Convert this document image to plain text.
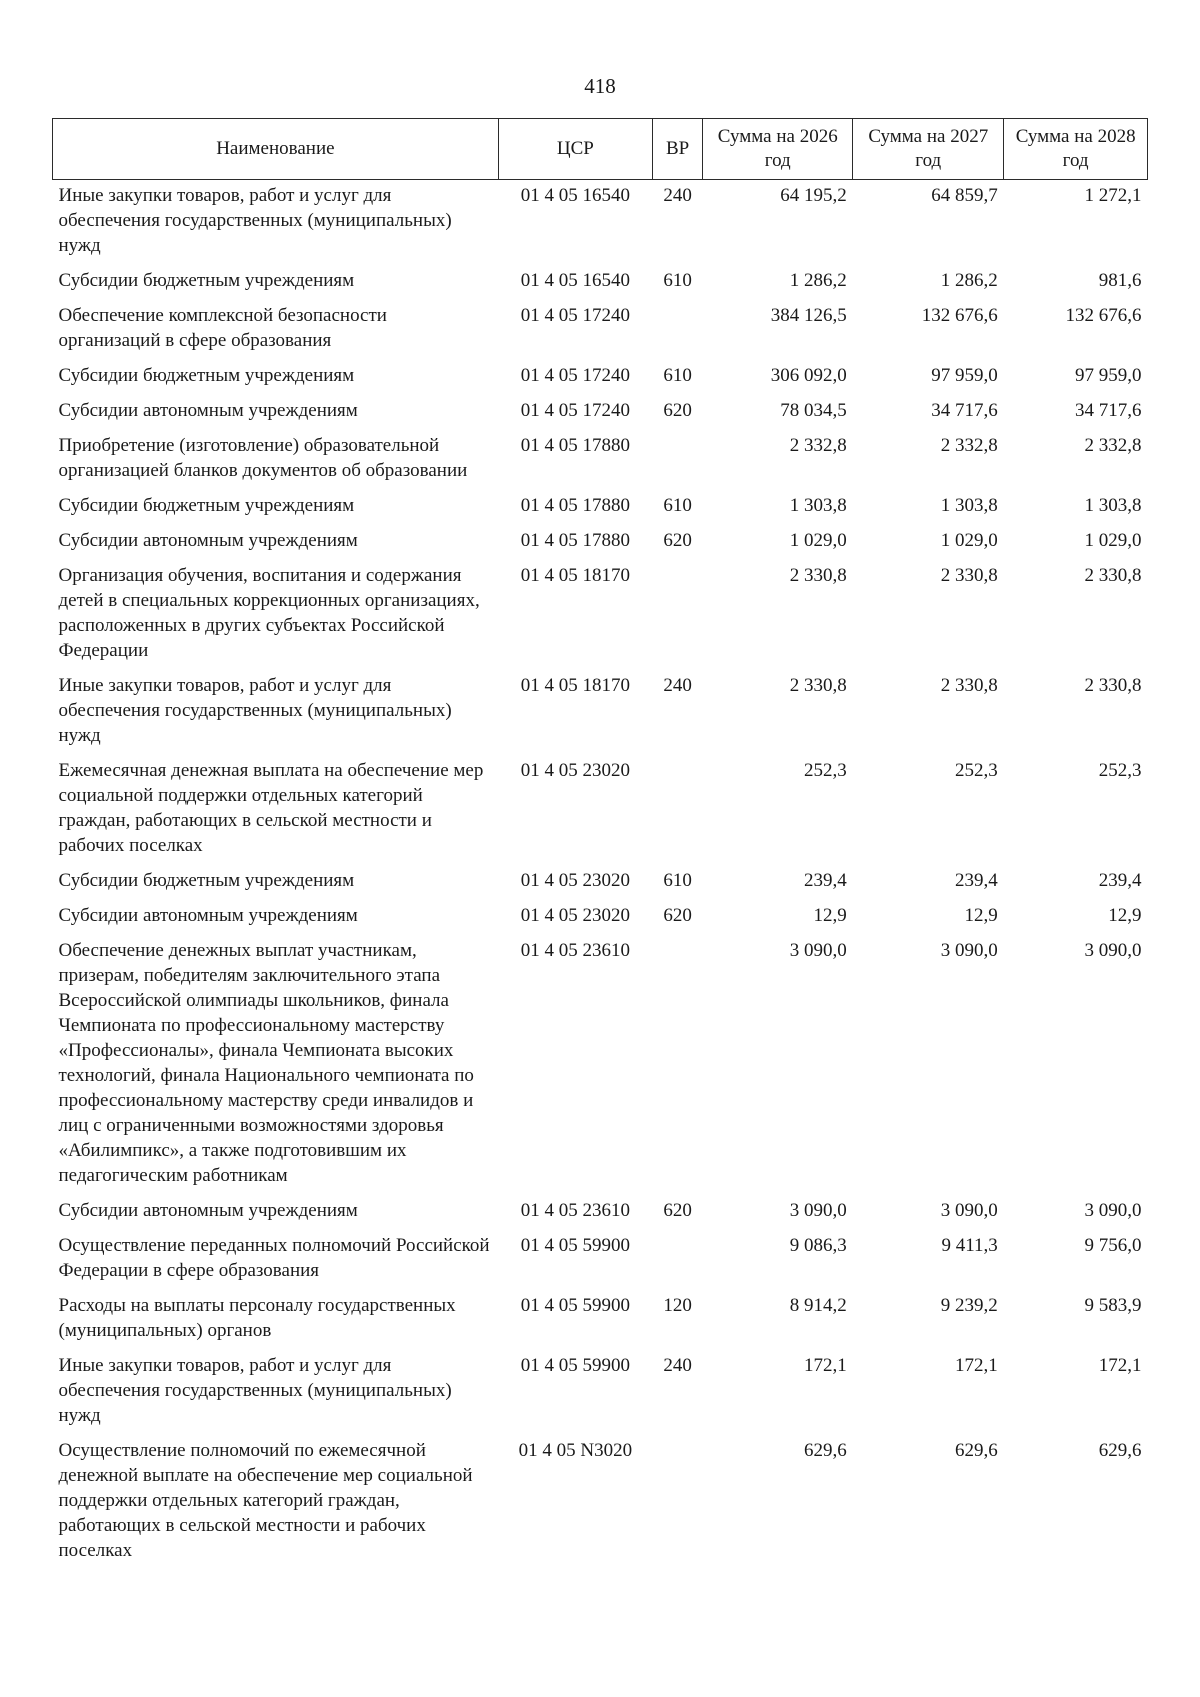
418
Наименование	ЦСР	ВР	Сумма на 2026 год	Сумма на 2027 год	Сумма на 2028 год
Иные закупки товаров, работ и услуг для обеспечения государственных (муниципальных) нужд	01 4 05 16540	240	64 195,2	64 859,7	1 272,1
Субсидии бюджетным учреждениям	01 4 05 16540	610	1 286,2	1 286,2	981,6
Обеспечение комплексной безопасности организаций в сфере образования	01 4 05 17240		384 126,5	132 676,6	132 676,6
Субсидии бюджетным учреждениям	01 4 05 17240	610	306 092,0	97 959,0	97 959,0
Субсидии автономным учреждениям	01 4 05 17240	620	78 034,5	34 717,6	34 717,6
Приобретение (изготовление) образовательной организацией бланков документов об образовании	01 4 05 17880		2 332,8	2 332,8	2 332,8
Субсидии бюджетным учреждениям	01 4 05 17880	610	1 303,8	1 303,8	1 303,8
Субсидии автономным учреждениям	01 4 05 17880	620	1 029,0	1 029,0	1 029,0
Организация обучения, воспитания и содержания детей в специальных коррекционных организациях, расположенных в других субъектах Российской Федерации	01 4 05 18170		2 330,8	2 330,8	2 330,8
Иные закупки товаров, работ и услуг для обеспечения государственных (муниципальных) нужд	01 4 05 18170	240	2 330,8	2 330,8	2 330,8
Ежемесячная денежная выплата на обеспечение мер социальной поддержки отдельных категорий граждан, работающих в сельской местности и рабочих поселках	01 4 05 23020		252,3	252,3	252,3
Субсидии бюджетным учреждениям	01 4 05 23020	610	239,4	239,4	239,4
Субсидии автономным учреждениям	01 4 05 23020	620	12,9	12,9	12,9
Обеспечение денежных выплат участникам, призерам, победителям заключительного этапа Всероссийской олимпиады школьников, финала Чемпионата по профессиональному мастерству «Профессионалы», финала Чемпионата высоких технологий, финала Национального чемпионата по профессиональному мастерству среди инвалидов и лиц с ограниченными возможностями здоровья «Абилимпикс», а также подготовившим их педагогическим работникам	01 4 05 23610		3 090,0	3 090,0	3 090,0
Субсидии автономным учреждениям	01 4 05 23610	620	3 090,0	3 090,0	3 090,0
Осуществление переданных полномочий Российской Федерации в сфере образования	01 4 05 59900		9 086,3	9 411,3	9 756,0
Расходы на выплаты персоналу государственных (муниципальных) органов	01 4 05 59900	120	8 914,2	9 239,2	9 583,9
Иные закупки товаров, работ и услуг для обеспечения государственных (муниципальных) нужд	01 4 05 59900	240	172,1	172,1	172,1
Осуществление полномочий по ежемесячной денежной выплате на обеспечение мер социальной поддержки отдельных категорий граждан, работающих в сельской местности и рабочих поселках	01 4 05 N3020		629,6	629,6	629,6
